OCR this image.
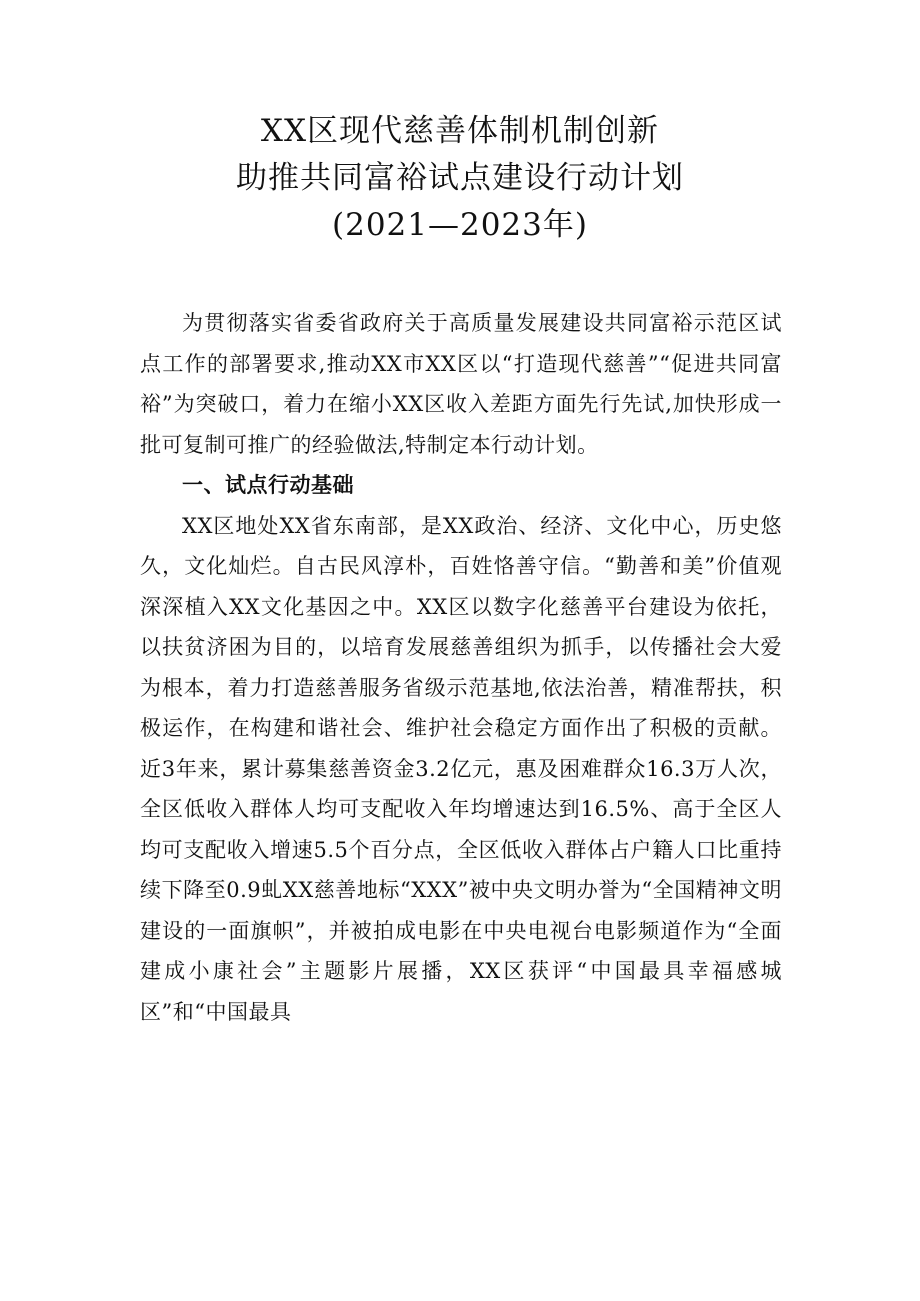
XX区现代慈善体制机制创新
助推共同富裕试点建设行动计划
(2021—2023年)

为贯彻落实省委省政府关于高质量发展建设共同富裕示范区试点工作的部署要求,推动XX市XX区以“打造现代慈善”“促进共同富裕”为突破口，着力在缩小XX区收入差距方面先行先试,加快形成一批可复制可推广的经验做法,特制定本行动计划。

一、试点行动基础

XX区地处XX省东南部，是XX政治、经济、文化中心，历史悠久，文化灿烂。自古民风淳朴，百姓恪善守信。“勤善和美”价值观深深植入XX文化基因之中。XX区以数字化慈善平台建设为依托，以扶贫济困为目的，以培育发展慈善组织为抓手，以传播社会大爱为根本，着力打造慈善服务省级示范基地,依法治善，精准帮扶，积极运作，在构建和谐社会、维护社会稳定方面作出了积极的贡献。近3年来，累计募集慈善资金3.2亿元，惠及困难群众16.3万人次，全区低收入群体人均可支配收入年均增速达到16.5%、高于全区人均可支配收入增速5.5个百分点，全区低收入群体占户籍人口比重持续下降至0.9虬XX慈善地标“XXX”被中央文明办誉为“全国精神文明建设的一面旗帜”，并被拍成电影在中央电视台电影频道作为“全面建成小康社会”主题影片展播，XX区获评“中国最具幸福感城区”和“中国最具
